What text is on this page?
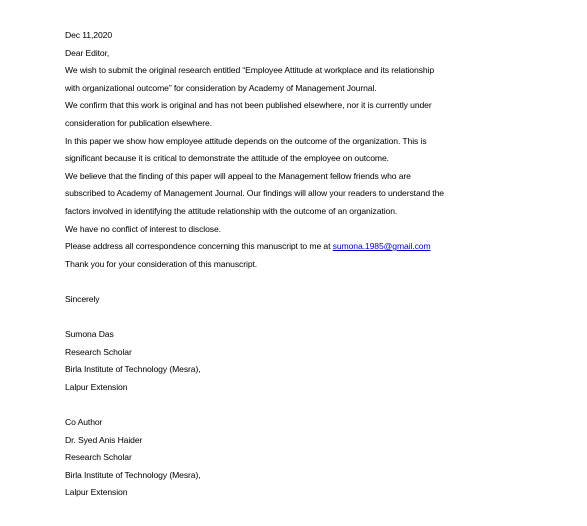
Dec 11,2020
Dear Editor,
We wish to submit the original research entitled “Employee Attitude at workplace and its relationship
with organizational outcome” for consideration by Academy of Management Journal.
We confirm that this work is original and has not been published elsewhere, nor it is currently under
consideration for publication elsewhere.
In this paper we show how employee attitude depends on the outcome of the organization. This is
significant because it is critical to demonstrate the attitude of the employee on outcome.
We believe that the finding of this paper will appeal to the Management fellow friends who are
subscribed to Academy of Management Journal. Our findings will allow your readers to understand the
factors involved in identifying the attitude relationship with the outcome of an organization.
We have no conflict of interest to disclose.
Please address all correspondence concerning this manuscript to me at sumona.1985@gmail.com
Thank you for your consideration of this manuscript.
Sincerely
Sumona Das
Research Scholar
Birla Institute of Technology (Mesra),
Lalpur Extension
Co Author
Dr. Syed Anis Haider
Research Scholar
Birla Institute of Technology (Mesra),
Lalpur Extension
